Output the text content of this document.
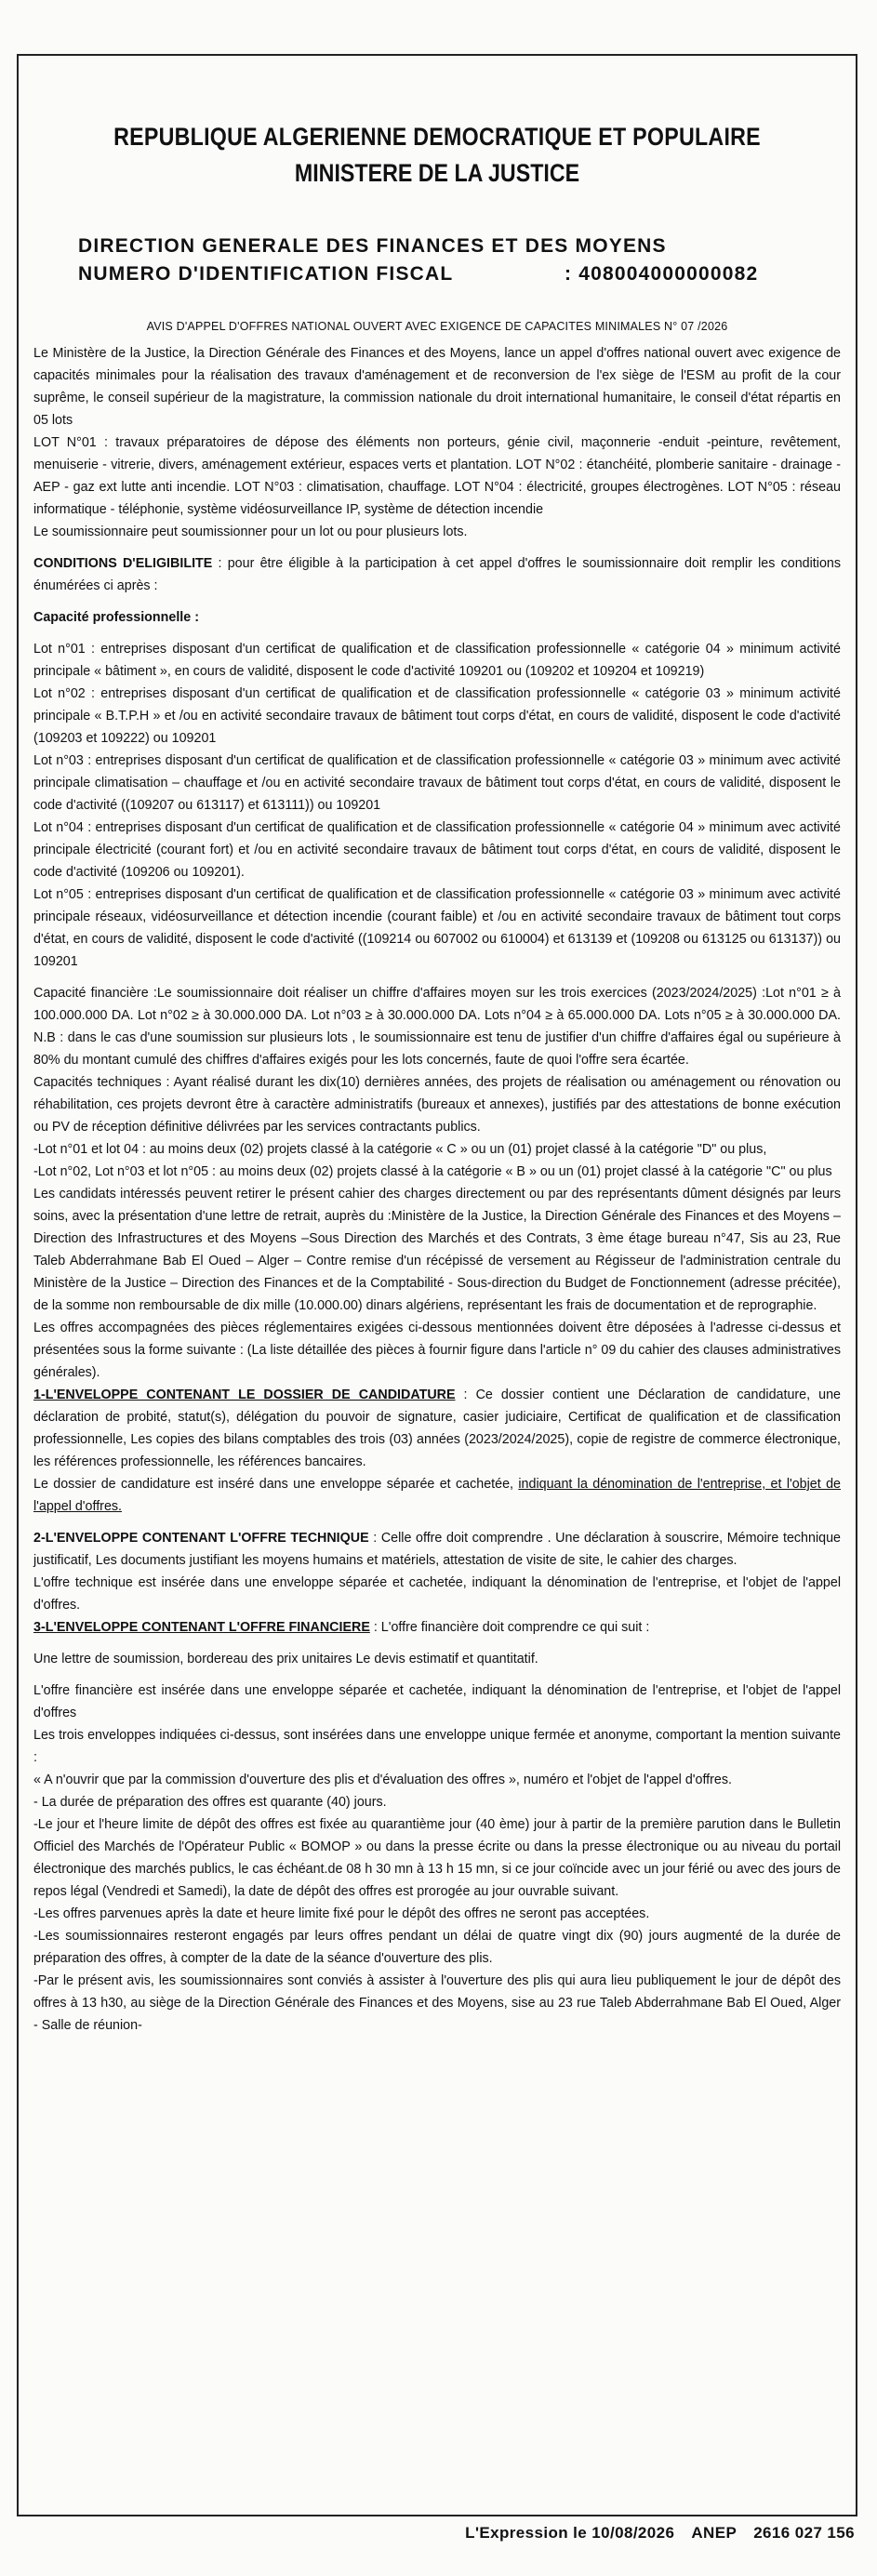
REPUBLIQUE ALGERIENNE DEMOCRATIQUE ET POPULAIRE
MINISTERE DE LA JUSTICE
DIRECTION GENERALE DES FINANCES ET DES MOYENS
NUMERO D'IDENTIFICATION FISCAL	: 408004000000082
AVIS D'APPEL D'OFFRES NATIONAL OUVERT AVEC EXIGENCE DE CAPACITES MINIMALES N° 07 /2026

Le Ministère de la Justice, la Direction Générale des Finances et des Moyens, lance un appel d'offres national ouvert avec exigence de capacités minimales pour la réalisation des travaux d'aménagement et de reconversion de l'ex siège de l'ESM au profit de la cour suprême, le conseil supérieur de la magistrature, la commission nationale du droit international humanitaire, le conseil d'état répartis en 05 lots

LOT N°01 : travaux préparatoires de dépose des éléments non porteurs, génie civil, maçonnerie -enduit -peinture, revêtement, menuiserie - vitrerie, divers, aménagement extérieur, espaces verts et plantation. LOT N°02 : étanchéité, plomberie sanitaire - drainage - AEP - gaz ext lutte anti incendie. LOT N°03 : climatisation, chauffage. LOT N°04 : électricité, groupes électrogènes. LOT N°05 : réseau informatique - téléphonie, système vidéosurveillance IP, système de détection incendie

Le soumissionnaire peut soumissionner pour un lot ou pour plusieurs lots.

CONDITIONS D'ELIGIBILITE : pour être éligible à la participation à cet appel d'offres le soumissionnaire doit remplir les conditions énumérées ci après :

Capacité professionnelle :

Lot n°01 : entreprises disposant d'un certificat de qualification et de classification professionnelle « catégorie 04 » minimum activité principale « bâtiment », en cours de validité, disposent le code d'activité 109201 ou (109202 et 109204 et 109219)

Lot n°02 : entreprises disposant d'un certificat de qualification et de classification professionnelle « catégorie 03 » minimum activité principale « B.T.P.H » et /ou en activité secondaire travaux de bâtiment tout corps d'état, en cours de validité, disposent le code d'activité (109203 et 109222) ou 109201

Lot n°03 : entreprises disposant d'un certificat de qualification et de classification professionnelle « catégorie 03 » minimum avec activité principale climatisation – chauffage et /ou en activité secondaire travaux de bâtiment tout corps d'état, en cours de validité, disposent le code d'activité ((109207 ou 613117) et 613111)) ou 109201

Lot n°04 : entreprises disposant d'un certificat de qualification et de classification professionnelle « catégorie 04 » minimum avec activité principale électricité (courant fort) et /ou en activité secondaire travaux de bâtiment tout corps d'état, en cours de validité, disposent le code d'activité (109206 ou 109201).

Lot n°05 : entreprises disposant d'un certificat de qualification et de classification professionnelle « catégorie 03 » minimum avec activité principale réseaux, vidéosurveillance et détection incendie (courant faible) et /ou en activité secondaire travaux de bâtiment tout corps d'état, en cours de validité, disposent le code d'activité ((109214 ou 607002 ou 610004) et 613139 et (109208 ou 613125 ou 613137)) ou 109201

Capacité financière :Le soumissionnaire doit réaliser un chiffre d'affaires moyen sur les trois exercices (2023/2024/2025) :Lot n°01 ≥ à 100.000.000 DA. Lot n°02 ≥ à 30.000.000 DA. Lot n°03 ≥ à 30.000.000 DA. Lots n°04 ≥ à 65.000.000 DA. Lots n°05 ≥ à 30.000.000 DA. N.B : dans le cas d'une soumission sur plusieurs lots , le soumissionnaire est tenu de justifier d'un chiffre d'affaires égal ou supérieure à 80% du montant cumulé des chiffres d'affaires exigés pour les lots concernés, faute de quoi l'offre sera écartée.

Capacités techniques : Ayant réalisé durant les dix(10) dernières années, des projets de réalisation ou aménagement ou rénovation ou réhabilitation, ces projets devront être à caractère administratifs (bureaux et annexes), justifiés par des attestations de bonne exécution ou PV de réception définitive délivrées par les services contractants publics.

-Lot n°01 et lot 04 : au moins deux (02) projets classé à la catégorie « C » ou un (01) projet classé à la catégorie "D" ou plus,

-Lot n°02, Lot n°03 et lot n°05 : au moins deux (02) projets classé à la catégorie « B » ou un (01) projet classé à la catégorie "C" ou plus

Les candidats intéressés peuvent retirer le présent cahier des charges directement ou par des représentants dûment désignés par leurs soins, avec la présentation d'une lettre de retrait, auprès du :Ministère de la Justice, la Direction Générale des Finances et des Moyens –Direction des Infrastructures et des Moyens –Sous Direction des Marchés et des Contrats, 3 ème étage bureau n°47, Sis au 23, Rue Taleb Abderrahmane Bab El Oued – Alger – Contre remise d'un récépissé de versement au Régisseur de l'administration centrale du Ministère de la Justice – Direction des Finances et de la Comptabilité - Sous-direction du Budget de Fonctionnement (adresse précitée), de la somme non remboursable de dix mille (10.000.00) dinars algériens, représentant les frais de documentation et de reprographie.

Les offres accompagnées des pièces réglementaires exigées ci-dessous mentionnées doivent être déposées à l'adresse ci-dessus et présentées sous la forme suivante : (La liste détaillée des pièces à fournir figure dans l'article n° 09 du cahier des clauses administratives générales).

1-L'ENVELOPPE CONTENANT LE DOSSIER DE CANDIDATURE : Ce dossier contient une Déclaration de candidature, une déclaration de probité, statut(s), délégation du pouvoir de signature, casier judiciaire, Certificat de qualification et de classification professionnelle, Les copies des bilans comptables des trois (03) années (2023/2024/2025), copie de registre de commerce électronique, les références professionnelle, les références bancaires.

Le dossier de candidature est inséré dans une enveloppe séparée et cachetée, indiquant la dénomination de l'entreprise, et l'objet de l'appel d'offres.

2-L'ENVELOPPE CONTENANT L'OFFRE TECHNIQUE : Celle offre doit comprendre . Une déclaration à souscrire, Mémoire technique justificatif, Les documents justifiant les moyens humains et matériels, attestation de visite de site, le cahier des charges.

L'offre technique est insérée dans une enveloppe séparée et cachetée, indiquant la dénomination de l'entreprise, et l'objet de l'appel d'offres.

3-L'ENVELOPPE CONTENANT L'OFFRE FINANCIERE : L'offre financière doit comprendre ce qui suit :

Une lettre de soumission, bordereau des prix unitaires Le devis estimatif et quantitatif.

L'offre financière est insérée dans une enveloppe séparée et cachetée, indiquant la dénomination de l'entreprise, et l'objet de l'appel d'offres

Les trois enveloppes indiquées ci-dessus, sont insérées dans une enveloppe unique fermée et anonyme, comportant la mention suivante :

« A n'ouvrir que par la commission d'ouverture des plis et d'évaluation des offres », numéro et l'objet de l'appel d'offres.

- La durée de préparation des offres est quarante (40) jours.

-Le jour et l'heure limite de dépôt des offres est fixée au quarantième jour (40 ème) jour à partir de la première parution dans le Bulletin Officiel des Marchés de l'Opérateur Public « BOMOP » ou dans la presse écrite ou dans la presse électronique ou au niveau du portail électronique des marchés publics, le cas échéant.de 08 h 30 mn à 13 h 15 mn, si ce jour coïncide avec un jour férié ou avec des jours de repos légal (Vendredi et Samedi), la date de dépôt des offres est prorogée au jour ouvrable suivant.

-Les offres parvenues après la date et heure limite fixé pour le dépôt des offres ne seront pas acceptées.

-Les soumissionnaires resteront engagés par leurs offres pendant un délai de quatre vingt dix (90) jours augmenté de la durée de préparation des offres, à compter de la date de la séance d'ouverture des plis.

-Par le présent avis, les soumissionnaires sont conviés à assister à l'ouverture des plis qui aura lieu publiquement le jour de dépôt des offres à 13 h30, au siège de la Direction Générale des Finances et des Moyens, sise au 23 rue Taleb Abderrahmane Bab El Oued, Alger - Salle de réunion-

L'Expression le 10/08/2026 ANEP 2616 027 156
